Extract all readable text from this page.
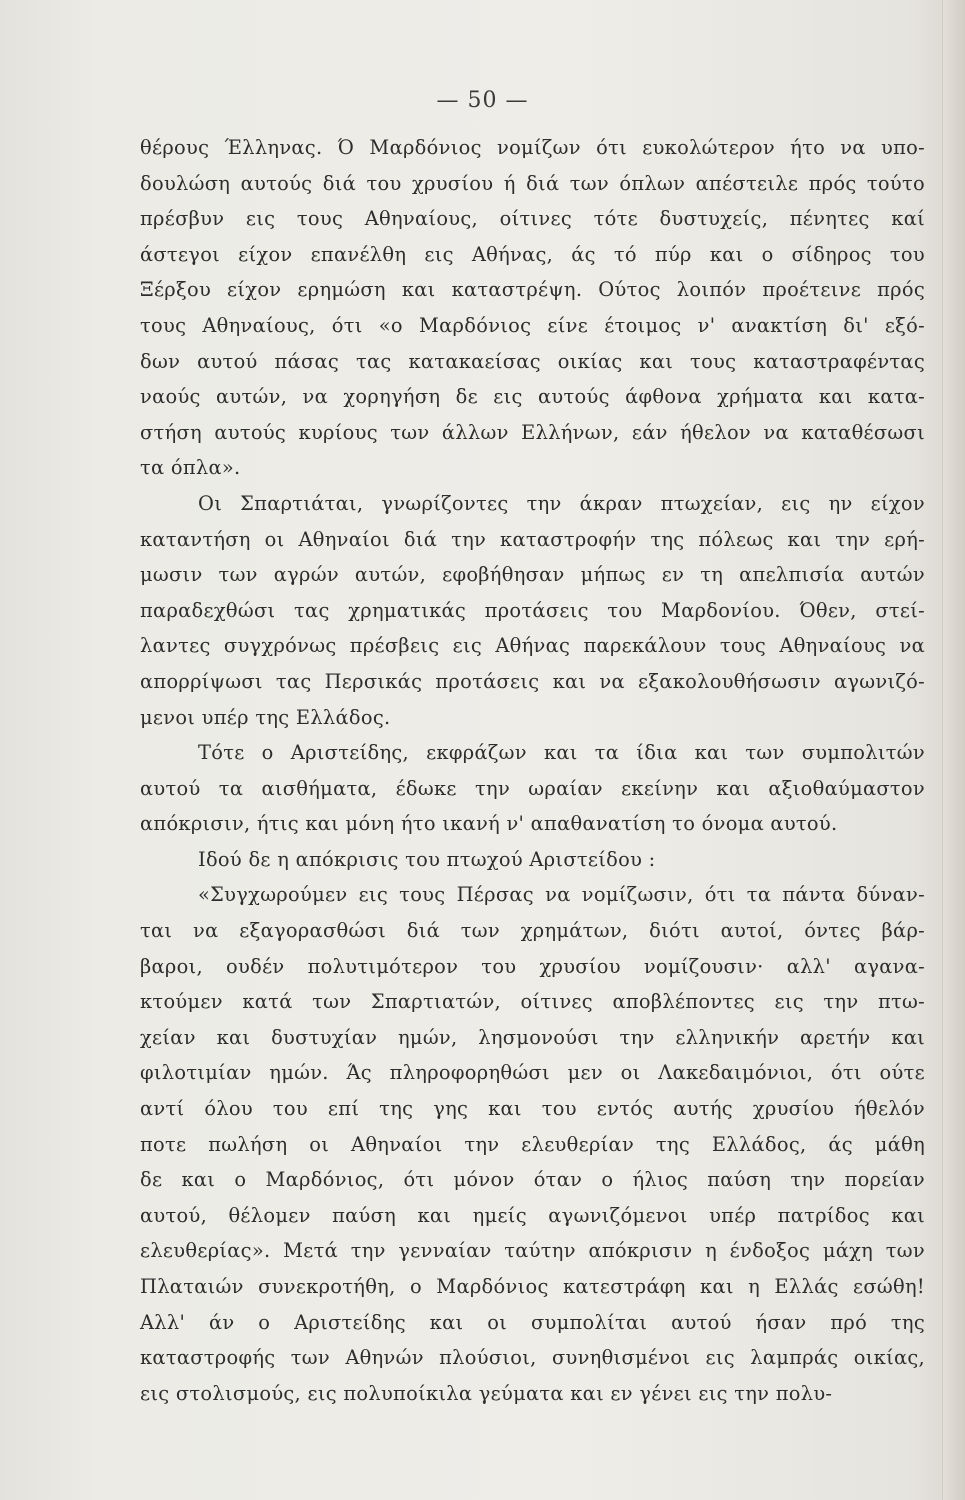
— 50 —

θέρους Έλληνας. Ό Μαρδόνιος νομίζων ότι ευκολώτερον ήτο να υπο-

δουλώση αυτούς διά του χρυσίου ή διά των όπλων απέστειλε πρός τούτο

πρέσβυν εις τους Αθηναίους, οίτινες τότε δυστυχείς, πένητες καί

άστεγοι είχον επανέλθη εις Αθήνας, άς τό πύρ και ο σίδηρος του

Ξέρξου είχον ερημώση και καταστρέψη. Ούτος λοιπόν προέτεινε πρός

τους Αθηναίους, ότι «ο Μαρδόνιος είνε έτοιμος ν' ανακτίση δι' εξό-

δων αυτού πάσας τας κατακαείσας οικίας και τους καταστραφέντας

ναούς αυτών, να χορηγήση δε εις αυτούς άφθονα χρήματα και κατα-

στήση αυτούς κυρίους των άλλων Ελλήνων, εάν ήθελον να καταθέσωσι

τα όπλα».

Οι Σπαρτιάται, γνωρίζοντες την άκραν πτωχείαν, εις ην είχον

καταντήση οι Αθηναίοι διά την καταστροφήν της πόλεως και την ερή-

μωσιν των αγρών αυτών, εφοβήθησαν μήπως εν τη απελπισία αυτών

παραδεχθώσι τας χρηματικάς προτάσεις του Μαρδονίου. Όθεν, στεί-

λαντες συγχρόνως πρέσβεις εις Αθήνας παρεκάλουν τους Αθηναίους να

απορρίψωσι τας Περσικάς προτάσεις και να εξακολουθήσωσιν αγωνιζό-

μενοι υπέρ της Ελλάδος.

Τότε ο Αριστείδης, εκφράζων και τα ίδια και των συμπολιτών

αυτού τα αισθήματα, έδωκε την ωραίαν εκείνην και αξιοθαύμαστον

απόκρισιν, ήτις και μόνη ήτο ικανή ν' απαθανατίση το όνομα αυτού.

Ιδού δε η απόκρισις του πτωχού Αριστείδου :

«Συγχωρούμεν εις τους Πέρσας να νομίζωσιν, ότι τα πάντα δύναν-

ται να εξαγορασθώσι διά των χρημάτων, διότι αυτοί, όντες βάρ-

βαροι, ουδέν πολυτιμότερον του χρυσίου νομίζουσιν· αλλ' αγανα-

κτούμεν κατά των Σπαρτιατών, οίτινες αποβλέποντες εις την πτω-

χείαν και δυστυχίαν ημών, λησμονούσι την ελληνικήν αρετήν και

φιλοτιμίαν ημών. Άς πληροφορηθώσι μεν οι Λακεδαιμόνιοι, ότι ούτε

αντί όλου του επί της γης και του εντός αυτής χρυσίου ήθελόν

ποτε πωλήση οι Αθηναίοι την ελευθερίαν της Ελλάδος, άς μάθη

δε και ο Μαρδόνιος, ότι μόνον όταν ο ήλιος παύση την πορείαν

αυτού, θέλομεν παύση και ημείς αγωνιζόμενοι υπέρ πατρίδος και

ελευθερίας». Μετά την γενναίαν ταύτην απόκρισιν η ένδοξος μάχη των

Πλαταιών συνεκροτήθη, ο Μαρδόνιος κατεστράφη και η Ελλάς εσώθη!

Αλλ' άν ο Αριστείδης και οι συμπολίται αυτού ήσαν πρό της

καταστροφής των Αθηνών πλούσιοι, συνηθισμένοι εις λαμπράς οικίας,

εις στολισμούς, εις πολυποίκιλα γεύματα και εν γένει εις την πολυ-
